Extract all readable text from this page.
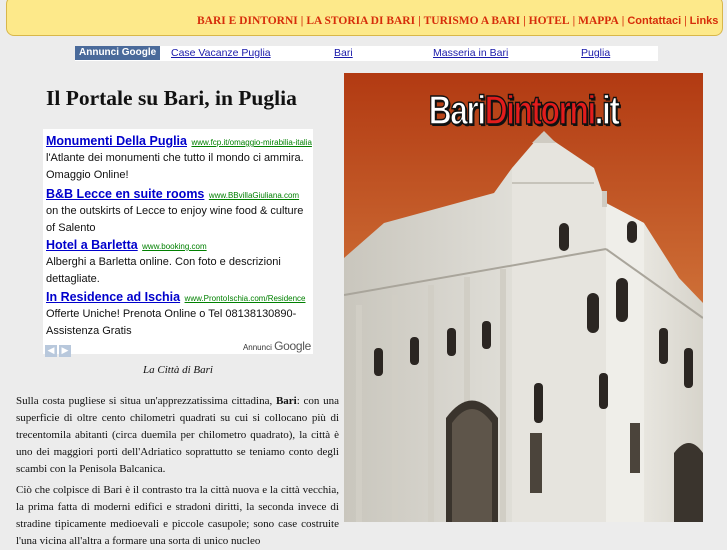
BARI E DINTORNI | LA STORIA DI BARI | TURISMO A BARI | HOTEL | MAPPA | Contattaci | Links
Annunci Google	Case Vacanze Puglia	Bari	Masseria in Bari	Puglia
Il Portale su Bari, in Puglia
Monumenti Della Puglia www.fcp.it/omaggio-mirabilia-italia
l'Atlante dei monumenti che tutto il mondo ci ammira. Omaggio Online!
B&B Lecce en suite rooms www.BBvillaGiuliana.com
on the outskirts of Lecce to enjoy wine food & culture of Salento
Hotel a Barletta www.booking.com
Alberghi a Barletta online. Con foto e descrizioni dettagliate.
In Residence ad Ischia www.ProntoIschia.com/Residence
Offerte Uniche! Prenota Online o Tel 08138130890-Assistenza Gratis
◀ ▶	Annunci Google
La Città di Bari

Sulla costa pugliese si situa un'apprezzatissima cittadina, Bari: con una superficie di oltre cento chilometri quadrati su cui si collocano più di trecentomila abitanti (circa duemila per chilometro quadrato), la città è uno dei maggiori porti dell'Adriatico soprattutto se teniamo conto degli scambi con la Penisola Balcanica.

Ciò che colpisce di Bari è il contrasto tra la città nuova e la città vecchia, la prima fatta di moderni edifici e stradoni diritti, la seconda invece di stradine tipicamente medioevali e piccole casupole; sono case costruite l'una vicina all'altra a formare una sorta di unico nucleo

BariDintorni.it
